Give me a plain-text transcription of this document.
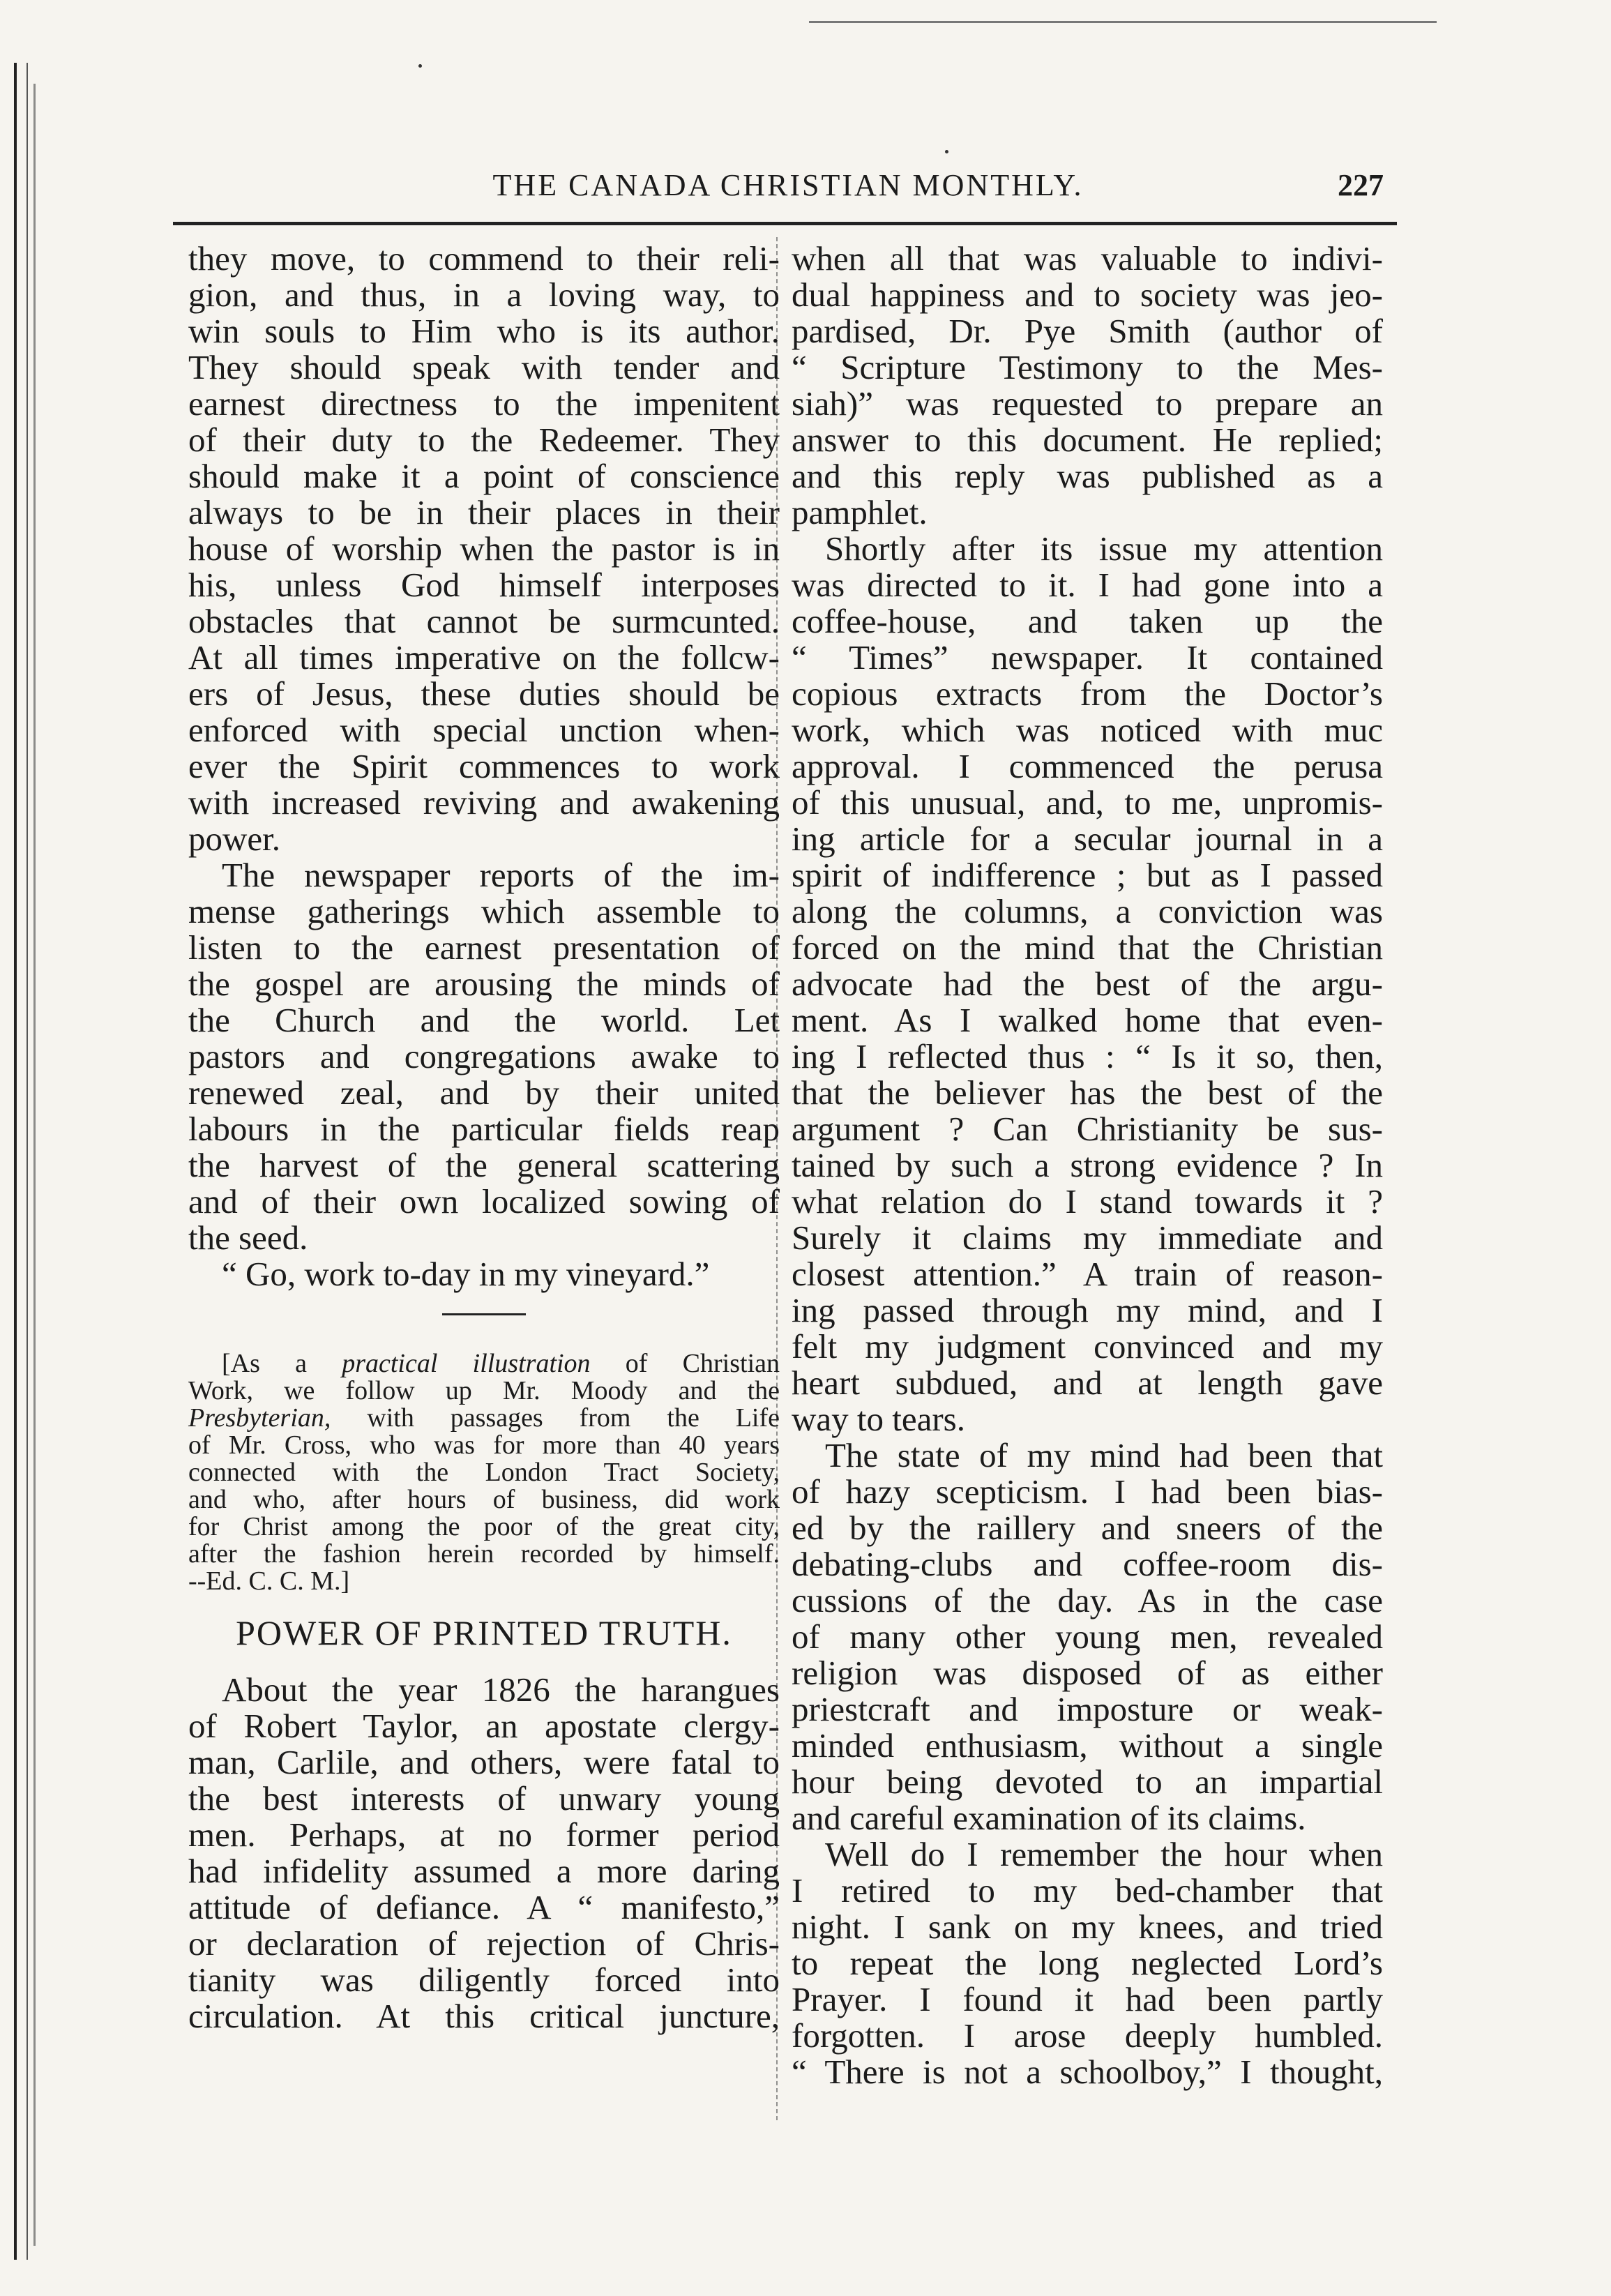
THE CANADA CHRISTIAN MONTHLY.	227
they move, to commend to their reli-
gion, and thus, in a loving way, to
win souls to Him who is its author.
They should speak with tender and
earnest directness to the impenitent
of their duty to the Redeemer. They
should make it a point of conscience
always to be in their places in their
house of worship when the pastor is in
his, unless God himself interposes
obstacles that cannot be surmcunted.
At all times imperative on the follcw-
ers of Jesus, these duties should be
enforced with special unction when-
ever the Spirit commences to work
with increased reviving and awakening
power.
The newspaper reports of the im-
mense gatherings which assemble to
listen to the earnest presentation of
the gospel are arousing the minds of
the Church and the world. Let
pastors and congregations awake to
renewed zeal, and by their united
labours in the particular fields reap
the harvest of the general scattering
and of their own localized sowing of
the seed.
“ Go, work to-day in my vineyard.”
[As a practical illustration of Christian
Work, we follow up Mr. Moody and the
Presbyterian, with passages from the Life
of Mr. Cross, who was for more than 40 years
connected with the London Tract Society,
and who, after hours of business, did work
for Christ among the poor of the great city,
after the fashion herein recorded by himself.
--Ed. C. C. M.]
POWER OF PRINTED TRUTH.
About the year 1826 the harangues
of Robert Taylor, an apostate clergy-
man, Carlile, and others, were fatal to
the best interests of unwary young
men. Perhaps, at no former period
had infidelity assumed a more daring
attitude of defiance. A “ manifesto,”
or declaration of rejection of Chris-
tianity was diligently forced into
circulation. At this critical juncture,
when all that was valuable to indivi-
dual happiness and to society was jeo-
pardised, Dr. Pye Smith (author of
“ Scripture Testimony to the Mes-
siah)” was requested to prepare an
answer to this document. He replied;
and this reply was published as a
pamphlet.
Shortly after its issue my attention
was directed to it. I had gone into a
coffee-house, and taken up the
“ Times” newspaper. It contained
copious extracts from the Doctor’s
work, which was noticed with muc
approval. I commenced the perusa
of this unusual, and, to me, unpromis-
ing article for a secular journal in a
spirit of indifference ; but as I passed
along the columns, a conviction was
forced on the mind that the Christian
advocate had the best of the argu-
ment. As I walked home that even-
ing I reflected thus : “ Is it so, then,
that the believer has the best of the
argument ? Can Christianity be sus-
tained by such a strong evidence ? In
what relation do I stand towards it ?
Surely it claims my immediate and
closest attention.” A train of reason-
ing passed through my mind, and I
felt my judgment convinced and my
heart subdued, and at length gave
way to tears.
The state of my mind had been that
of hazy scepticism. I had been bias-
ed by the raillery and sneers of the
debating-clubs and coffee-room dis-
cussions of the day. As in the case
of many other young men, revealed
religion was disposed of as either
priestcraft and imposture or weak-
minded enthusiasm, without a single
hour being devoted to an impartial
and careful examination of its claims.
Well do I remember the hour when
I retired to my bed-chamber that
night. I sank on my knees, and tried
to repeat the long neglected Lord’s
Prayer. I found it had been partly
forgotten. I arose deeply humbled.
“ There is not a schoolboy,” I thought,
